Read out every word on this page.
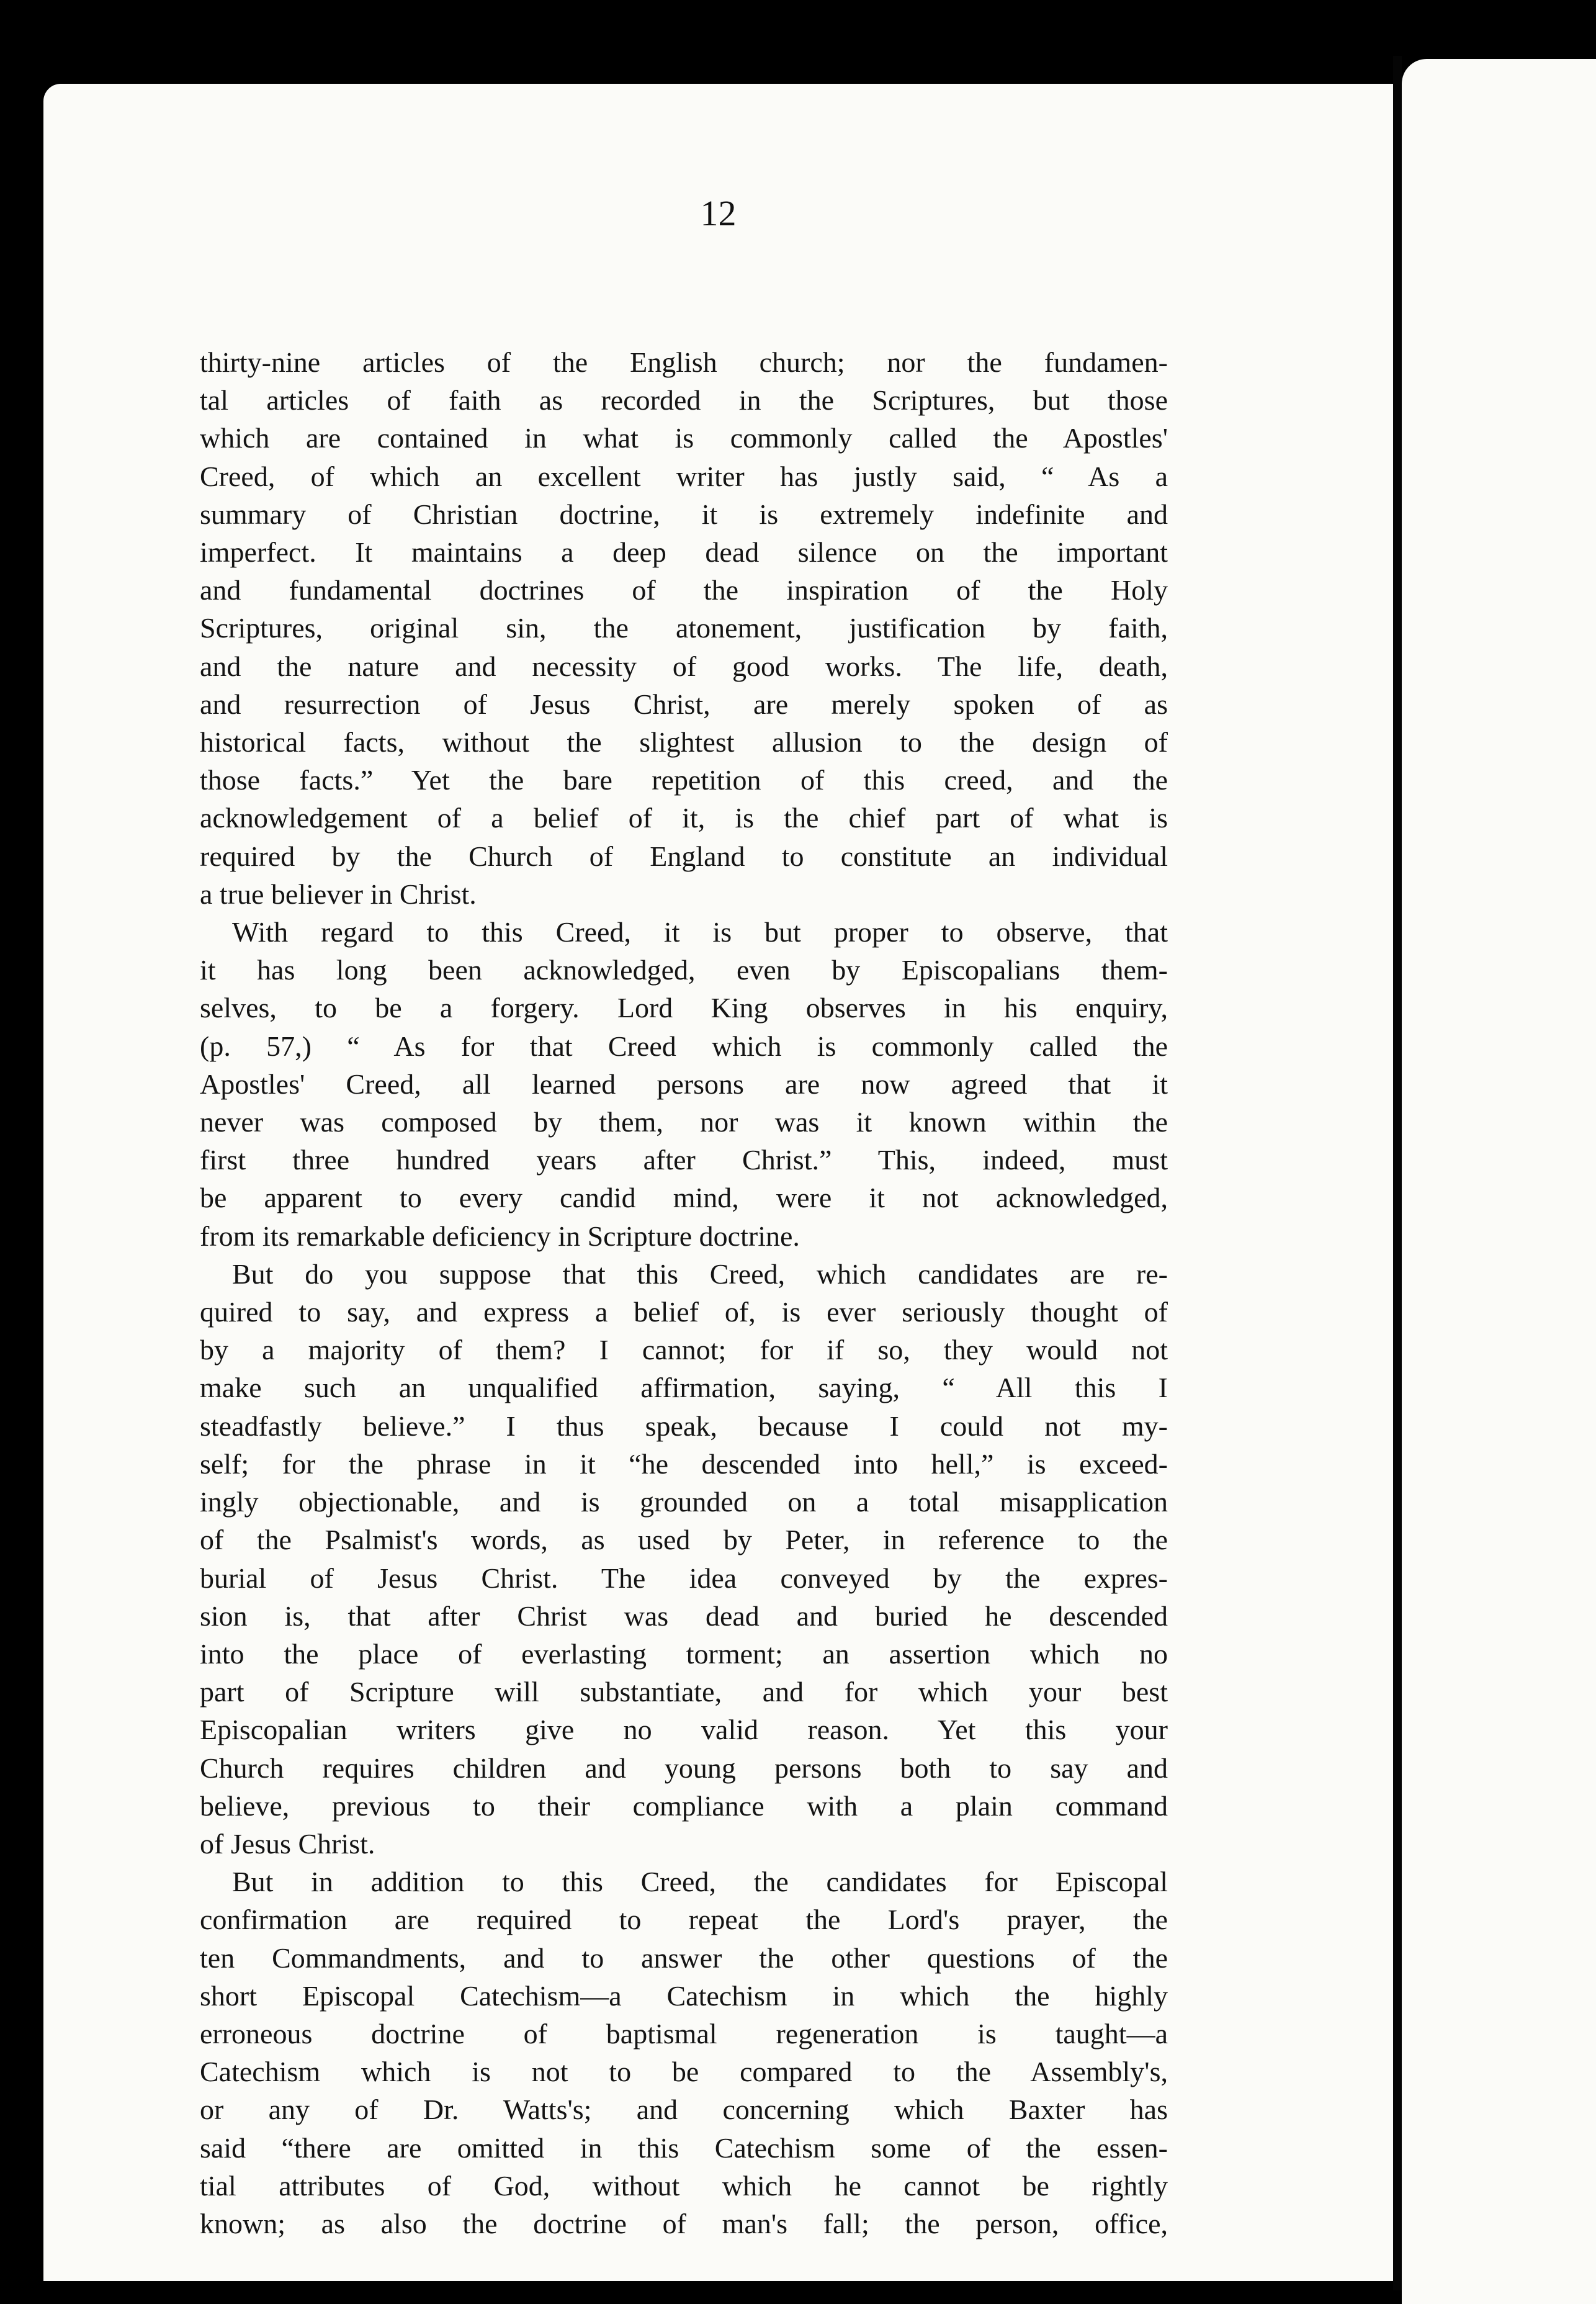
12
thirty-nine articles of the English church; nor the fundamen-
tal articles of faith as recorded in the Scriptures, but those
which are contained in what is commonly called the Apostles'
Creed, of which an excellent writer has justly said, “ As a
summary of Christian doctrine, it is extremely indefinite and
imperfect. It maintains a deep dead silence on the important
and fundamental doctrines of the inspiration of the Holy
Scriptures, original sin, the atonement, justification by faith,
and the nature and necessity of good works. The life, death,
and resurrection of Jesus Christ, are merely spoken of as
historical facts, without the slightest allusion to the design of
those facts.” Yet the bare repetition of this creed, and the
acknowledgement of a belief of it, is the chief part of what is
required by the Church of England to constitute an individual
a true believer in Christ.
With regard to this Creed, it is but proper to observe, that
it has long been acknowledged, even by Episcopalians them-
selves, to be a forgery. Lord King observes in his enquiry,
(p. 57,) “ As for that Creed which is commonly called the
Apostles' Creed, all learned persons are now agreed that it
never was composed by them, nor was it known within the
first three hundred years after Christ.” This, indeed, must
be apparent to every candid mind, were it not acknowledged,
from its remarkable deficiency in Scripture doctrine.
But do you suppose that this Creed, which candidates are re-
quired to say, and express a belief of, is ever seriously thought of
by a majority of them? I cannot; for if so, they would not
make such an unqualified affirmation, saying, “ All this I
steadfastly believe.” I thus speak, because I could not my-
self; for the phrase in it “he descended into hell,” is exceed-
ingly objectionable, and is grounded on a total misapplication
of the Psalmist's words, as used by Peter, in reference to the
burial of Jesus Christ. The idea conveyed by the expres-
sion is, that after Christ was dead and buried he descended
into the place of everlasting torment; an assertion which no
part of Scripture will substantiate, and for which your best
Episcopalian writers give no valid reason. Yet this your
Church requires children and young persons both to say and
believe, previous to their compliance with a plain command
of Jesus Christ.
But in addition to this Creed, the candidates for Episcopal
confirmation are required to repeat the Lord's prayer, the
ten Commandments, and to answer the other questions of the
short Episcopal Catechism—a Catechism in which the highly
erroneous doctrine of baptismal regeneration is taught—a
Catechism which is not to be compared to the Assembly's,
or any of Dr. Watts's; and concerning which Baxter has
said “there are omitted in this Catechism some of the essen-
tial attributes of God, without which he cannot be rightly
known; as also the doctrine of man's fall; the person, office,
